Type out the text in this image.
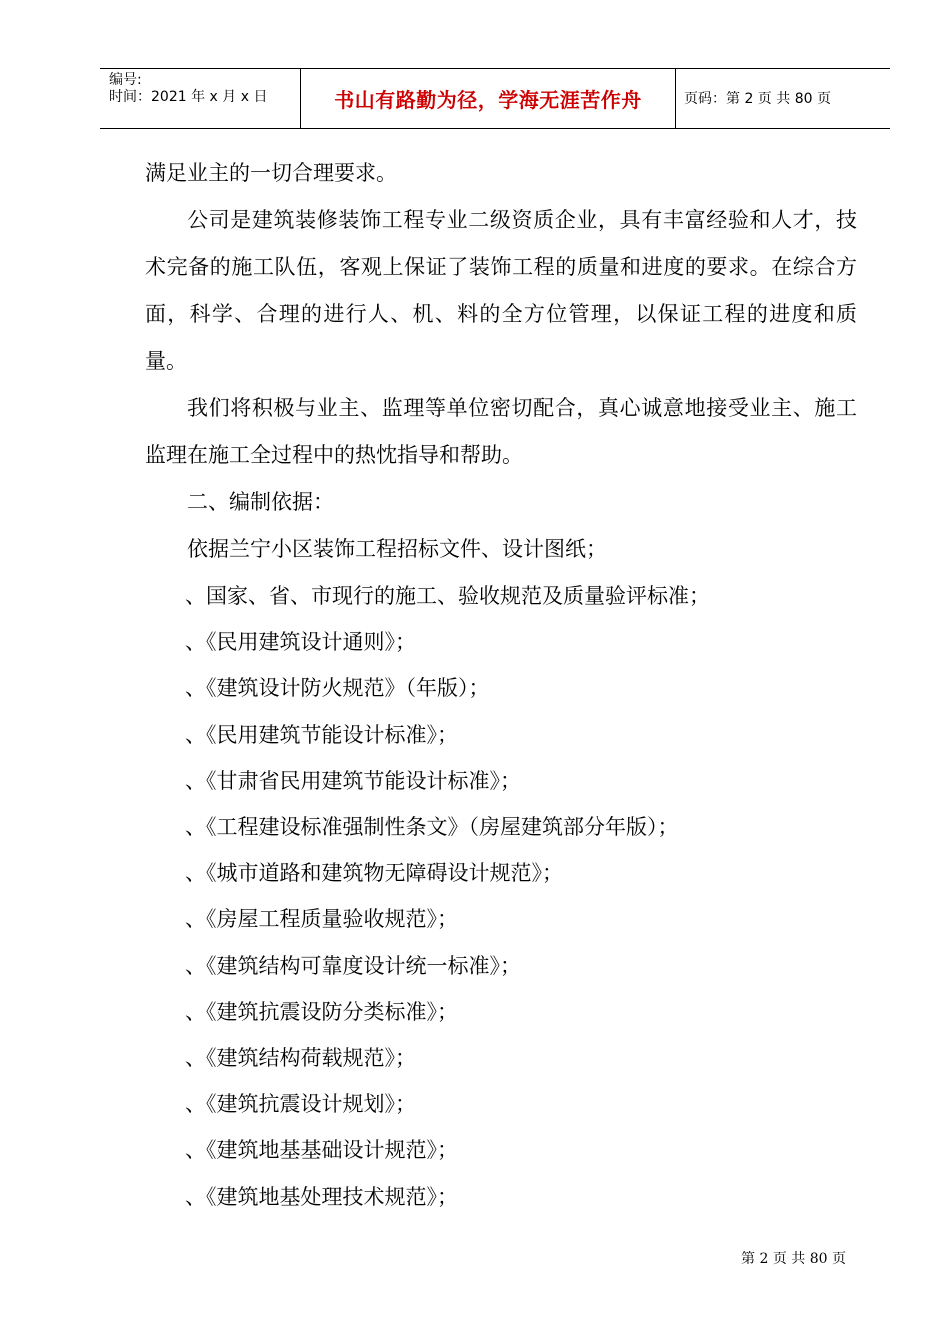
编号:
时间：2021 年 x 月 x 日	书山有路勤为径，学海无涯苦作舟	页码：第 2 页 共 80 页

满足业主的一切合理要求。

公司是建筑装修装饰工程专业二级资质企业，具有丰富经验和人才，技术完备的施工队伍，客观上保证了装饰工程的质量和进度的要求。在综合方面，科学、合理的进行人、机、料的全方位管理，以保证工程的进度和质量。

我们将积极与业主、监理等单位密切配合，真心诚意地接受业主、施工监理在施工全过程中的热忱指导和帮助。

二、编制依据：

依据兰宁小区装饰工程招标文件、设计图纸；

、国家、省、市现行的施工、验收规范及质量验评标准；

、《民用建筑设计通则》；

、《建筑设计防火规范》（年版）；

、《民用建筑节能设计标准》；

、《甘肃省民用建筑节能设计标准》；

、《工程建设标准强制性条文》（房屋建筑部分年版）；

、《城市道路和建筑物无障碍设计规范》；

、《房屋工程质量验收规范》；

、《建筑结构可靠度设计统一标准》；

、《建筑抗震设防分类标准》；

、《建筑结构荷载规范》；

、《建筑抗震设计规划》；

、《建筑地基基础设计规范》；

、《建筑地基处理技术规范》；

第 2 页 共 80 页
